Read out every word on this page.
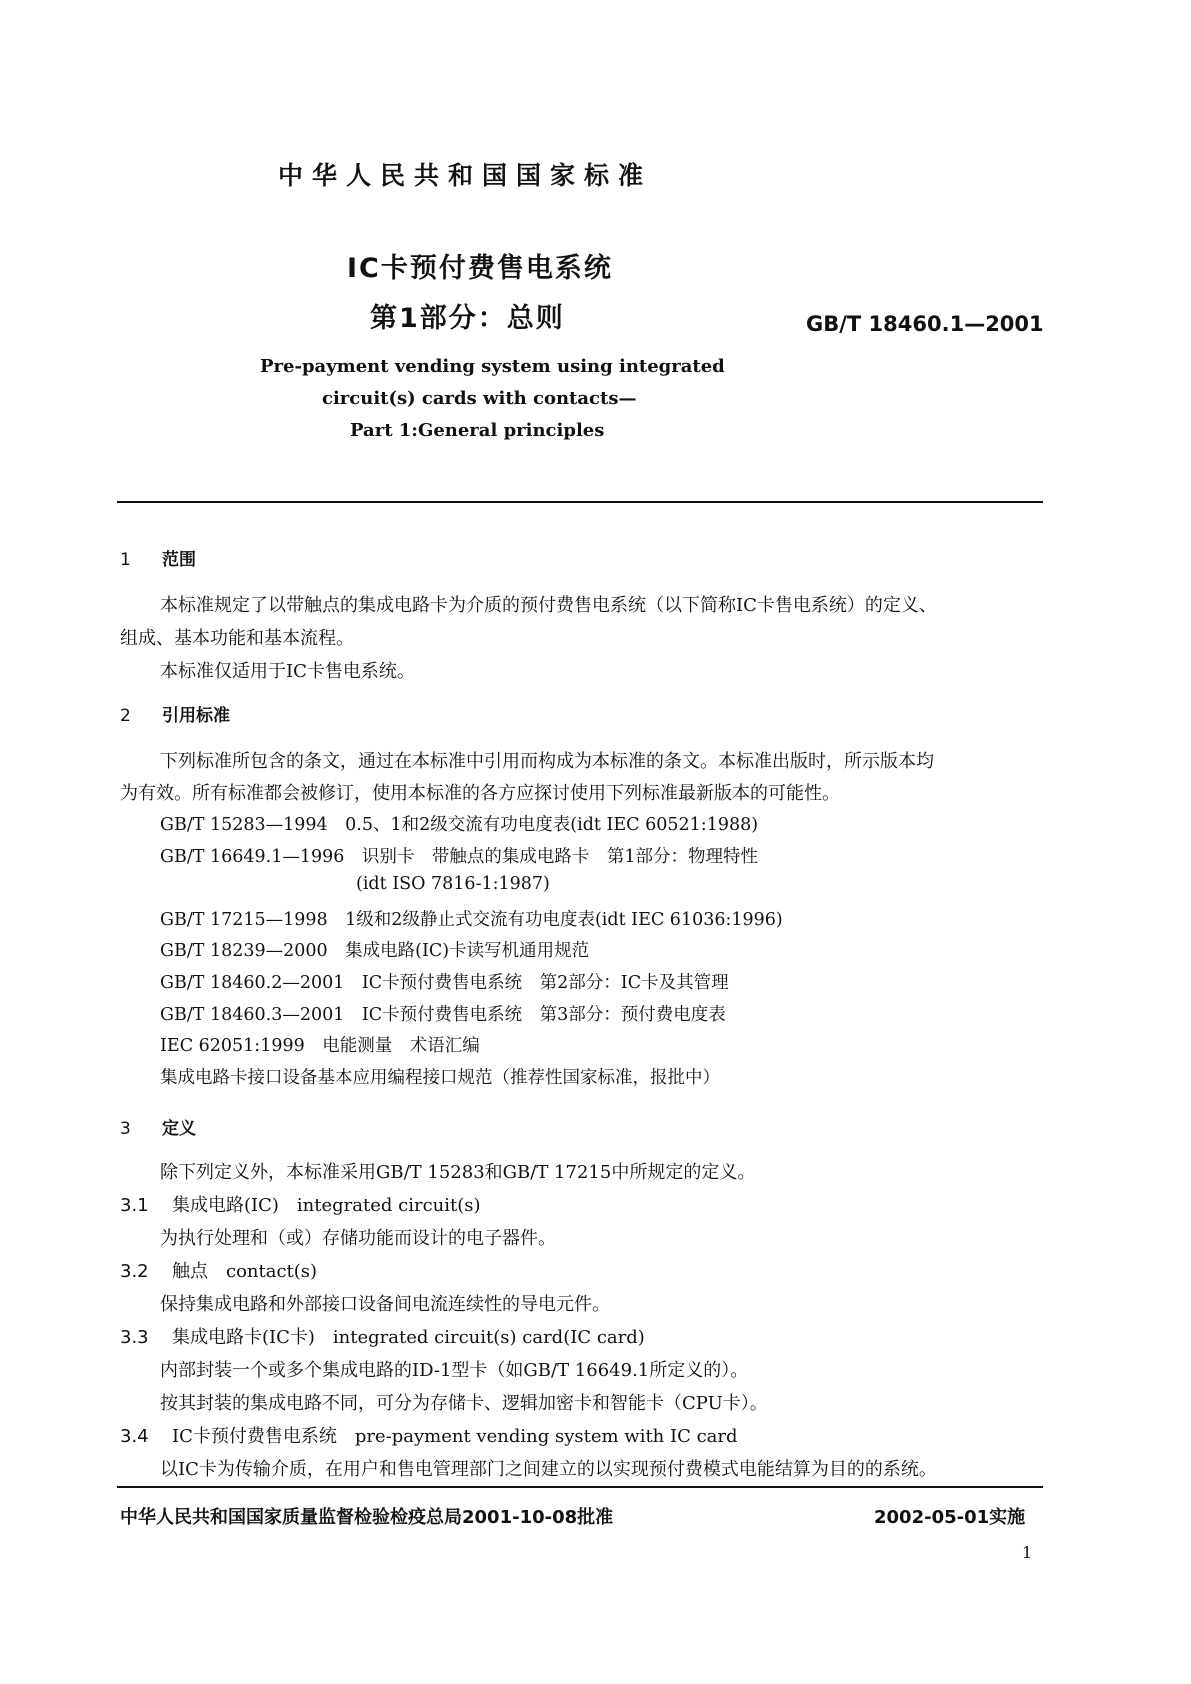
中华人民共和国国家标准
IC卡预付费售电系统
第1部分：总则	GB/T 18460.1—2001
Pre-payment vending system using integrated
circuit(s) cards with contacts—
Part 1:General principles
1 范围
本标准规定了以带触点的集成电路卡为介质的预付费售电系统（以下简称IC卡售电系统）的定义、
组成、基本功能和基本流程。
本标准仅适用于IC卡售电系统。
2 引用标准
下列标准所包含的条文，通过在本标准中引用而构成为本标准的条文。本标准出版时，所示版本均
为有效。所有标准都会被修订，使用本标准的各方应探讨使用下列标准最新版本的可能性。
GB/T 15283—1994　0.5、1和2级交流有功电度表(idt IEC 60521:1988)
GB/T 16649.1—1996　识别卡　带触点的集成电路卡　第1部分：物理特性
(idt ISO 7816-1:1987)
GB/T 17215—1998　1级和2级静止式交流有功电度表(idt IEC 61036:1996)
GB/T 18239—2000　集成电路(IC)卡读写机通用规范
GB/T 18460.2—2001　IC卡预付费售电系统　第2部分：IC卡及其管理
GB/T 18460.3—2001　IC卡预付费售电系统　第3部分：预付费电度表
IEC 62051:1999　电能测量　术语汇编
集成电路卡接口设备基本应用编程接口规范（推荐性国家标准，报批中）
3 定义
除下列定义外，本标准采用GB/T 15283和GB/T 17215中所规定的定义。
3.1 集成电路(IC)　integrated circuit(s)
为执行处理和（或）存储功能而设计的电子器件。
3.2 触点　contact(s)
保持集成电路和外部接口设备间电流连续性的导电元件。
3.3 集成电路卡(IC卡)　integrated circuit(s) card(IC card)
内部封装一个或多个集成电路的ID-1型卡（如GB/T 16649.1所定义的）。
按其封装的集成电路不同，可分为存储卡、逻辑加密卡和智能卡（CPU卡）。
3.4 IC卡预付费售电系统　pre-payment vending system with IC card
以IC卡为传输介质，在用户和售电管理部门之间建立的以实现预付费模式电能结算为目的的系统。
中华人民共和国国家质量监督检验检疫总局2001-10-08批准	2002-05-01实施
1
